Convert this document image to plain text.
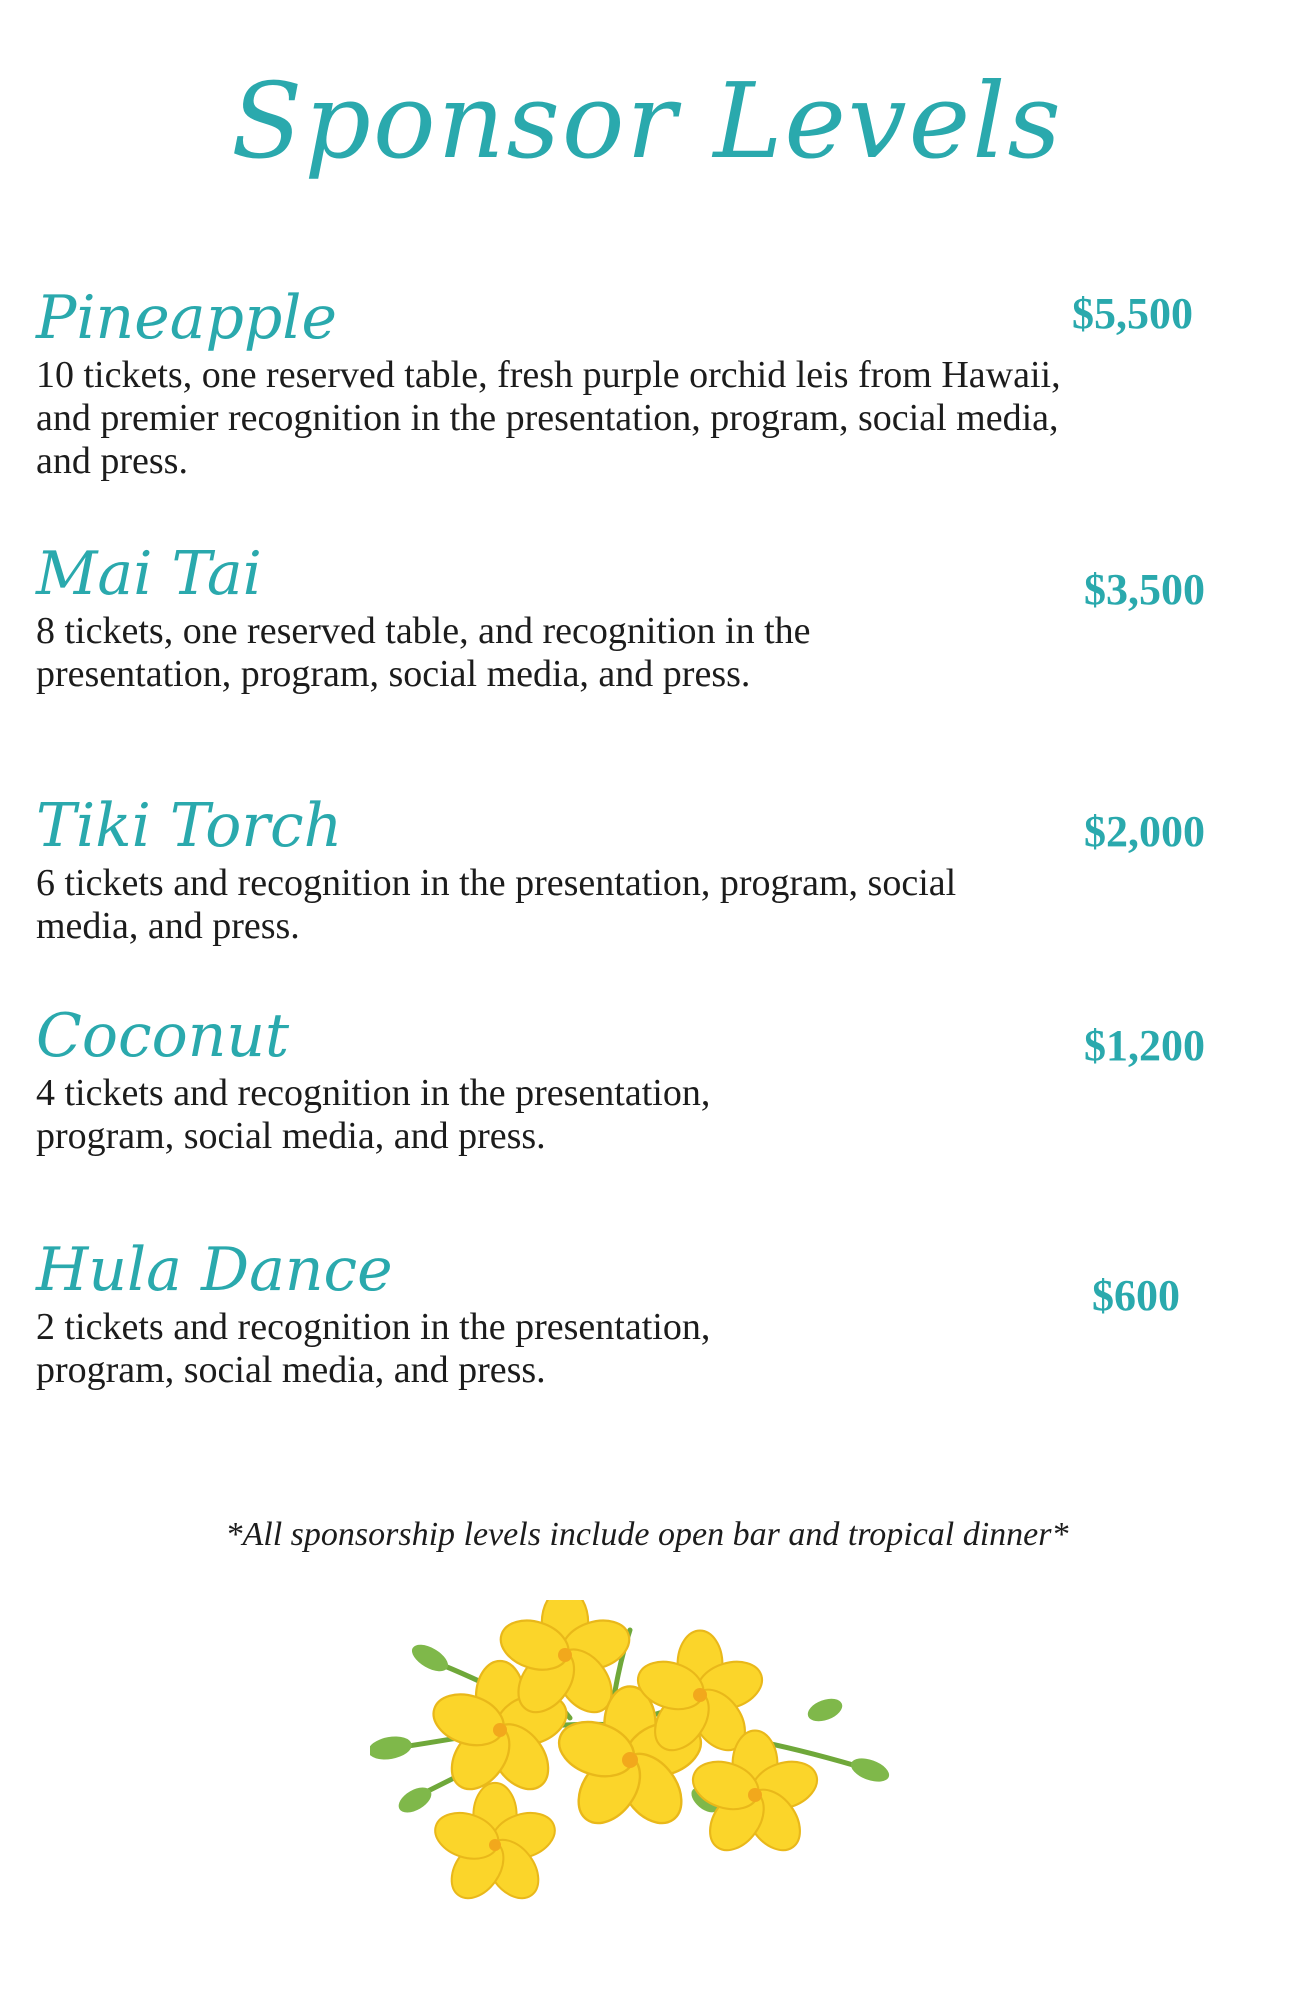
Sponsor Levels
Pineapple	$5,500

10 tickets, one reserved table, fresh purple orchid leis from Hawaii, and premier recognition in the presentation, program, social media, and press.

Mai Tai	$3,500

8 tickets, one reserved table, and recognition in the presentation, program, social media, and press.

Tiki Torch	$2,000

6 tickets and recognition in the presentation, program, social media, and press.

Coconut	$1,200

4 tickets and recognition in the presentation, program, social media, and press.

Hula Dance	$600

2 tickets and recognition in the presentation, program, social media, and press.

*All sponsorship levels include open bar and tropical dinner*
